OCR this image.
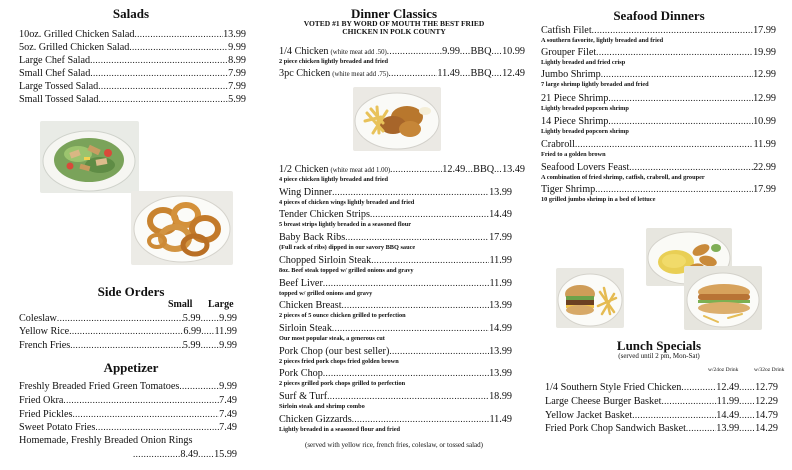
Salads
10oz. Grilled Chicken Salad .....	13.99
5oz. Grilled Chicken Salad .....	9.99
Large Chef Salad .....	8.99
Small Chef Salad .....	7.99
Large Tossed Salad .....	7.99
Small Tossed Salad .....	5.99
Side Orders
Small Large
Coleslaw .....	5.99 ....... 9.99
Yellow Rice .....	6.99 ..... 11.99
French Fries .....	5.99 ....... 9.99
Appetizer
Freshly Breaded Fried Green Tomatoes .....	9.99
Fried Okra .....	7.49
Fried Pickles .....	7.49
Sweet Potato Fries .....	7.49
Homemade, Freshly Breaded Onion Rings
.....
8.49 ...... 15.99
Dinner Classics
VOTED #1 BY WORD OF MOUTH THE BEST FRIED
CHICKEN IN POLK COUNTY
1/4 Chicken (white meat add .50) .....	9.99 .... BBQ .... 10.99
2 piece chicken lightly breaded and fried
3pc Chicken (white meat add .75) .....	11.49 .... BBQ .... 12.49
1/2 Chicken (white meat add 1.00) .....	12.49 ... BBQ ... 13.49
4 piece chicken lightly breaded and fried
Wing Dinner .....	13.99
4 pieces of chicken wings lightly breaded and fried
Tender Chicken Strips .....	14.49
5 breast strips lightly breaded in a seasoned flour
Baby Back Ribs .....	17.99
(Full rack of ribs) dipped in our savory BBQ sauce
Chopped Sirloin Steak .....	11.99
8oz. Beef steak topped w/ grilled onions and gravy
Beef Liver .....	11.99
topped w/ grilled onions and gravy
Chicken Breast .....	13.99
2 pieces of 5 ounce chicken grilled to perfection
Sirloin Steak .....	14.99
Our most popular steak, a generous cut
Pork Chop (our best seller) .....	13.99
2 pieces fried pork chops fried golden brown
Pork Chop .....	13.99
2 pieces grilled pork chops grilled to perfection
Surf & Turf .....	18.99
Sirloin steak and shrimp combo
Chicken Gizzards .....	11.49
Lightly breaded in a seasoned flour and fried
(served with yellow rice, french fries, coleslaw, or tossed salad)
Seafood Dinners
Catfish Filet .....	17.99
A southern favorite, lightly breaded and fried
Grouper Filet .....	19.99
Lightly breaded and fried crisp
Jumbo Shrimp .....	12.99
7 large shrimp lightly breaded and fried
21 Piece Shrimp .....	12.99
Lightly breaded popcorn shrimp
14 Piece Shrimp .....	10.99
Lightly breaded popcorn shrimp
Crabroll .....	11.99
Fried to a golden brown
Seafood Lovers Feast .....	22.99
A combination of fried shrimp, catfish, crabroll, and grouper
Tiger Shrimp .....	17.99
10 grilled jumbo shrimp in a bed of lettuce
Lunch Specials
(served until 2 pm, Mon-Sat)
w/24oz Drink	w/32oz Drink
1/4 Southern Style Fried Chicken .....	12.49 ...... 12.79
Large Cheese Burger Basket .....	11.99 ...... 12.29
Yellow Jacket Basket .....	14.49 ...... 14.79
Fried Pork Chop Sandwich Basket .....	13.99 ...... 14.29
